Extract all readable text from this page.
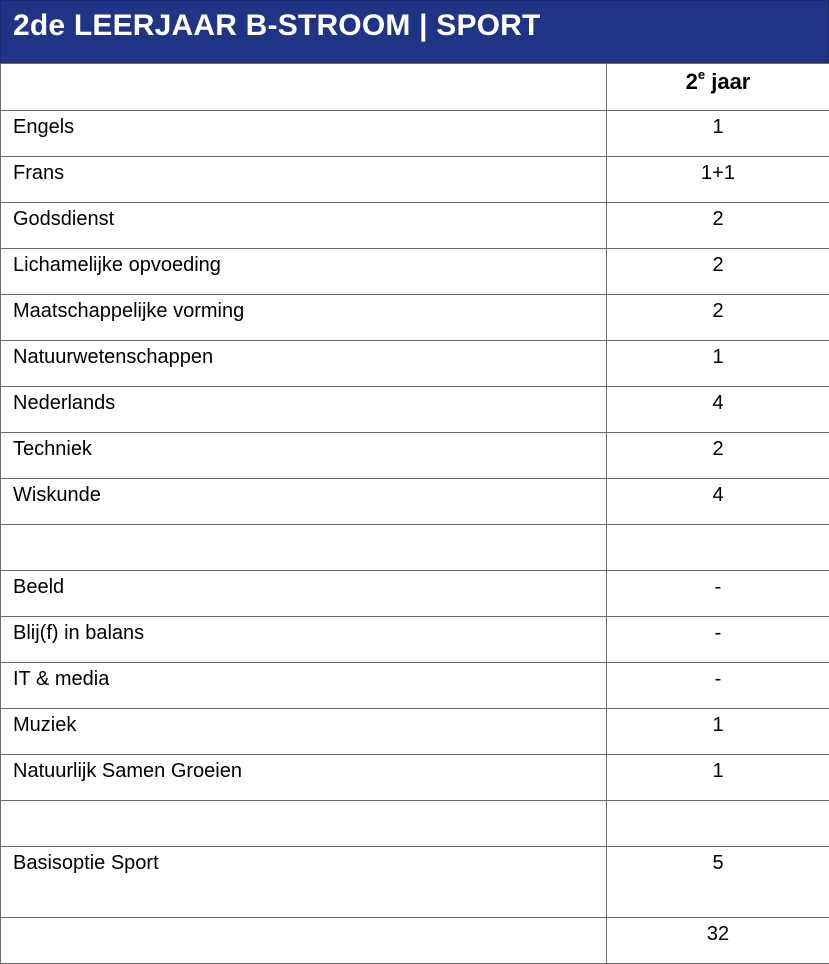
2de LEERJAAR B-STROOM | SPORT

	2e jaar

Engels	1

Frans	1+1

Godsdienst	2

Lichamelijke opvoeding	2

Maatschappelijke vorming	2

Natuurwetenschappen	1

Nederlands	4

Techniek	2

Wiskunde	4

Beeld	-

Blij(f) in balans	-

IT & media	-

Muziek	1

Natuurlijk Samen Groeien	1

Basisoptie Sport	5

	32
